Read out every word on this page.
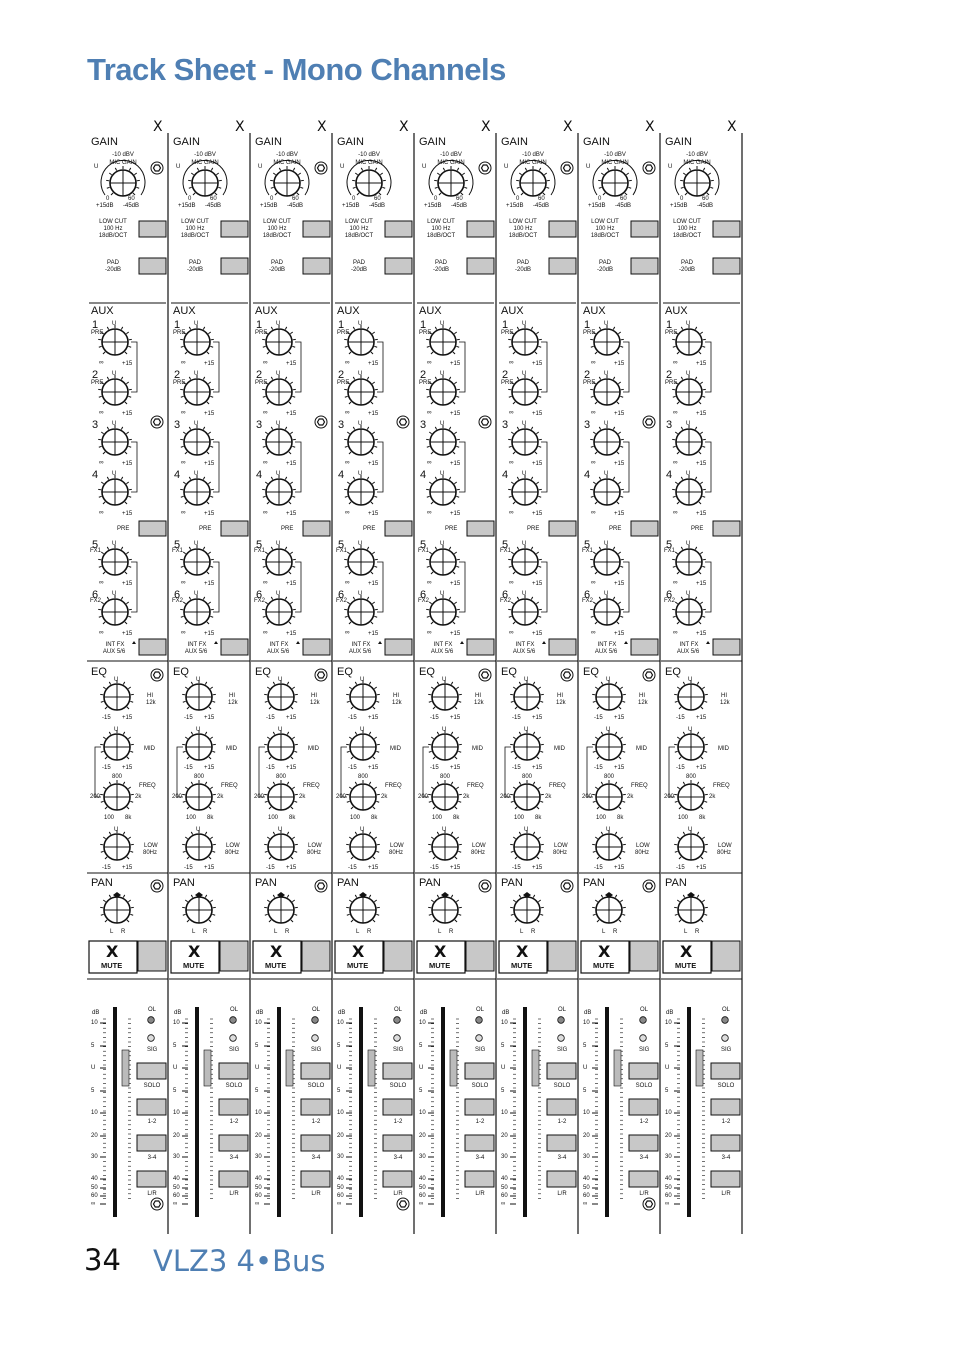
Track Sheet - Mono Channels
X
GAIN
-10 dBV
MIC GAIN
U
0	60
+15dB -45dB
LOW CUT
100 Hz
18dB/OCT
PAD
-20dB
AUX
1
PRE
U
∞	+15
2
PRE
U
∞	+15
3 U
∞	+15
4 U
∞	+15
PRE
5
FX1
U
∞	+15
6
FX2
U
∞	+15
INT FX
AUX 5/6
EQ
U
-15 +15
U
-15 +15
U
-15 +15
HI
12k
MID
FREQ
800
200	2k
100 8k
LOW
80Hz
PAN
L R
X
MUTE
dB
10
5
U
5
10
20
30
40
50
60
∞
OL
SIG
SOLO
1-2
3-4
L/R
X
GAIN
-10 dBV
MIC GAIN
U
0	60
+15dB -45dB
LOW CUT
100 Hz
18dB/OCT
PAD
-20dB
AUX
1
PRE
U
∞	+15
2
PRE
U
∞	+15
3 U
∞	+15
4 U
∞	+15
PRE
5
FX1
U
∞	+15
6
FX2
U
∞	+15
INT FX
AUX 5/6
EQ
U
-15 +15
U
-15 +15
U
-15 +15
HI
12k
MID
FREQ
800
200	2k
100 8k
LOW
80Hz
PAN
L R
X
MUTE
dB
10
5
U
5
10
20
30
40
50
60
∞
OL
SIG
SOLO
1-2
3-4
L/R
X
GAIN
-10 dBV
MIC GAIN
U
0	60
+15dB -45dB
LOW CUT
100 Hz
18dB/OCT
PAD
-20dB
AUX
1
PRE
U
∞	+15
2
PRE
U
∞	+15
3 U
∞	+15
4 U
∞	+15
PRE
5
FX1
U
∞	+15
6
FX2
U
∞	+15
INT FX
AUX 5/6
EQ
U
-15 +15
U
-15 +15
U
-15 +15
HI
12k
MID
FREQ
800
200	2k
100 8k
LOW
80Hz
PAN
L R
X
MUTE
dB
10
5
U
5
10
20
30
40
50
60
∞
OL
SIG
SOLO
1-2
3-4
L/R
X
GAIN
-10 dBV
MIC GAIN
U
0	60
+15dB -45dB
LOW CUT
100 Hz
18dB/OCT
PAD
-20dB
AUX
1
PRE
U
∞	+15
2
PRE
U
∞	+15
3 U
∞	+15
4 U
∞	+15
PRE
5
FX1
U
∞	+15
6
FX2
U
∞	+15
INT FX
AUX 5/6
EQ
U
-15 +15
U
-15 +15
U
-15 +15
HI
12k
MID
FREQ
800
200	2k
100 8k
LOW
80Hz
PAN
L R
X
MUTE
dB
10
5
U
5
10
20
30
40
50
60
∞
OL
SIG
SOLO
1-2
3-4
L/R
X
GAIN
-10 dBV
MIC GAIN
U
0	60
+15dB -45dB
LOW CUT
100 Hz
18dB/OCT
PAD
-20dB
AUX
1
PRE
U
∞	+15
2
PRE
U
∞	+15
3 U
∞	+15
4 U
∞	+15
PRE
5
FX1
U
∞	+15
6
FX2
U
∞	+15
INT FX
AUX 5/6
EQ
U
-15 +15
U
-15 +15
U
-15 +15
HI
12k
MID
FREQ
800
200	2k
100 8k
LOW
80Hz
PAN
L R
X
MUTE
dB
10
5
U
5
10
20
30
40
50
60
∞
OL
SIG
SOLO
1-2
3-4
L/R
X
GAIN
-10 dBV
MIC GAIN
U
0	60
+15dB -45dB
LOW CUT
100 Hz
18dB/OCT
PAD
-20dB
AUX
1
PRE
U
∞	+15
2
PRE
U
∞	+15
3 U
∞	+15
4 U
∞	+15
PRE
5
FX1
U
∞	+15
6
FX2
U
∞	+15
INT FX
AUX 5/6
EQ
U
-15 +15
U
-15 +15
U
-15 +15
HI
12k
MID
FREQ
800
200	2k
100 8k
LOW
80Hz
PAN
L R
X
MUTE
dB
10
5
U
5
10
20
30
40
50
60
∞
OL
SIG
SOLO
1-2
3-4
L/R
X
GAIN
-10 dBV
MIC GAIN
U
0	60
+15dB -45dB
LOW CUT
100 Hz
18dB/OCT
PAD
-20dB
AUX
1
PRE
U
∞	+15
2
PRE
U
∞	+15
3 U
∞	+15
4 U
∞	+15
PRE
5
FX1
U
∞	+15
6
FX2
U
∞	+15
INT FX
AUX 5/6
EQ
U
-15 +15
U
-15 +15
U
-15 +15
HI
12k
MID
FREQ
800
200	2k
100 8k
LOW
80Hz
PAN
L R
X
MUTE
dB
10
5
U
5
10
20
30
40
50
60
∞
OL
SIG
SOLO
1-2
3-4
L/R
X
GAIN
-10 dBV
MIC GAIN
U
0	60
+15dB -45dB
LOW CUT
100 Hz
18dB/OCT
PAD
-20dB
AUX
1
PRE
U
∞	+15
2
PRE
U
∞	+15
3 U
∞	+15
4 U
∞	+15
PRE
5
FX1
U
∞	+15
6
FX2
U
∞	+15
INT FX
AUX 5/6
EQ
U
-15 +15
U
-15 +15
U
-15 +15
HI
12k
MID
FREQ
800
200	2k
100 8k
LOW
80Hz
PAN
L R
X
MUTE
dB
10
5
U
5
10
20
30
40
50
60
∞
OL
SIG
SOLO
1-2
3-4
L/R
34 VLZ3 4•Bus
